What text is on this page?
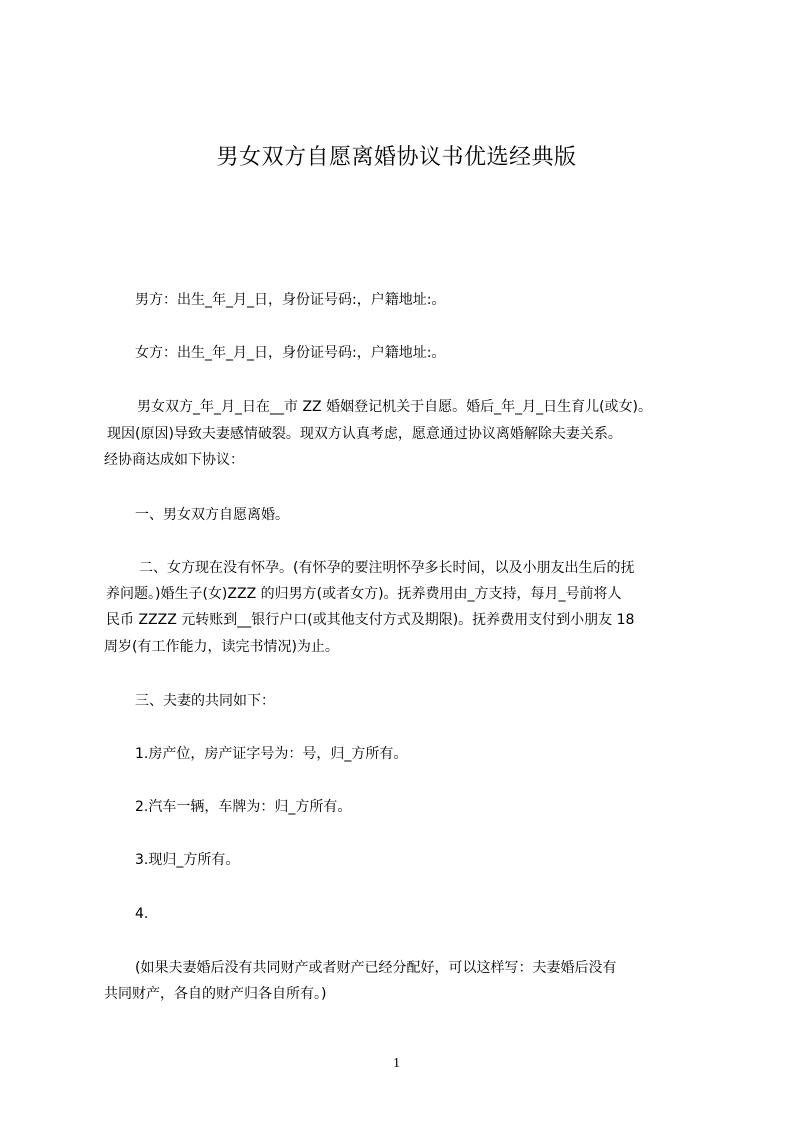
男女双方自愿离婚协议书优选经典版
男方：出生_年_月_日，身份证号码:，户籍地址:。
女方：出生_年_月_日，身份证号码:，户籍地址:。
男女双方_年_月_日在__市 ZZ 婚姻登记机关于自愿。婚后_年_月_日生育儿(或女)。
现因(原因)导致夫妻感情破裂。现双方认真考虑，愿意通过协议离婚解除夫妻关系。
经协商达成如下协议：
一、男女双方自愿离婚。
二、女方现在没有怀孕。(有怀孕的要注明怀孕多长时间，以及小朋友出生后的抚
养问题。)婚生子(女)ZZZ 的归男方(或者女方)。抚养费用由_方支持，每月_号前将人
民币 ZZZZ 元转账到__银行户口(或其他支付方式及期限)。抚养费用支付到小朋友 18
周岁(有工作能力，读完书情况)为止。
三、夫妻的共同如下：
1.房产位，房产证字号为：号，归_方所有。
2.汽车一辆，车牌为：归_方所有。
3.现归_方所有。
4.
(如果夫妻婚后没有共同财产或者财产已经分配好，可以这样写：夫妻婚后没有
共同财产，各自的财产归各自所有。)
1
